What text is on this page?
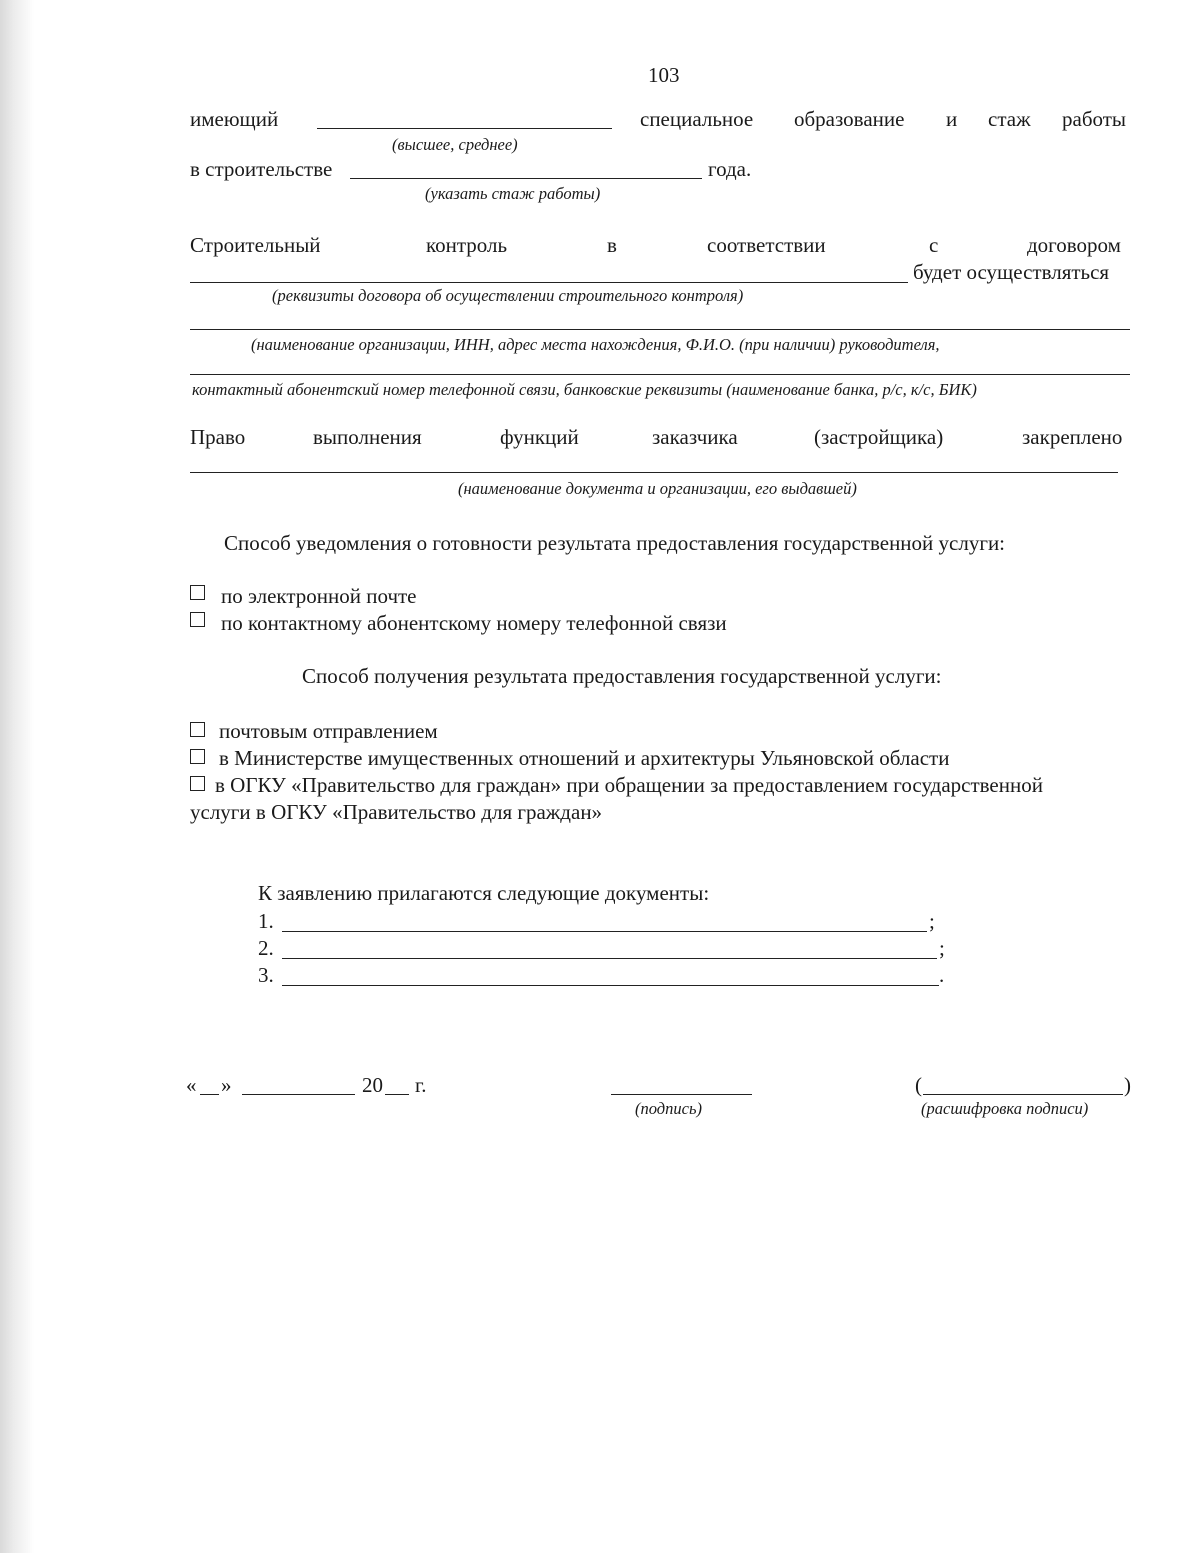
103
имеющий	специальное образование и стаж работы
(высшее, среднее)
в строительстве	года.
(указать стаж работы)
Строительный	контроль	в	соответствии	с	договором
будет осуществляться
(реквизиты договора об осуществлении строительного контроля)
(наименование организации, ИНН, адрес места нахождения, Ф.И.О. (при наличии) руководителя,
контактный абонентский номер телефонной связи, банковские реквизиты (наименование банка, р/с, к/с, БИК)
Право	выполнения	функций	заказчика	(застройщика)	закреплено
(наименование документа и организации, его выдавшей)
Способ уведомления о готовности результата предоставления государственной услуги:
по электронной почте
по контактному абонентскому номеру телефонной связи
Способ получения результата предоставления государственной услуги:
почтовым отправлением
в Министерстве имущественных отношений и архитектуры Ульяновской области
в ОГКУ «Правительство для граждан» при обращении за предоставлением государственной
услуги в ОГКУ «Правительство для граждан»
К заявлению прилагаются следующие документы:
1.	;
2.	;
3.	.
« »	20 г.
(подпись)
(	)
(расшифровка подписи)
